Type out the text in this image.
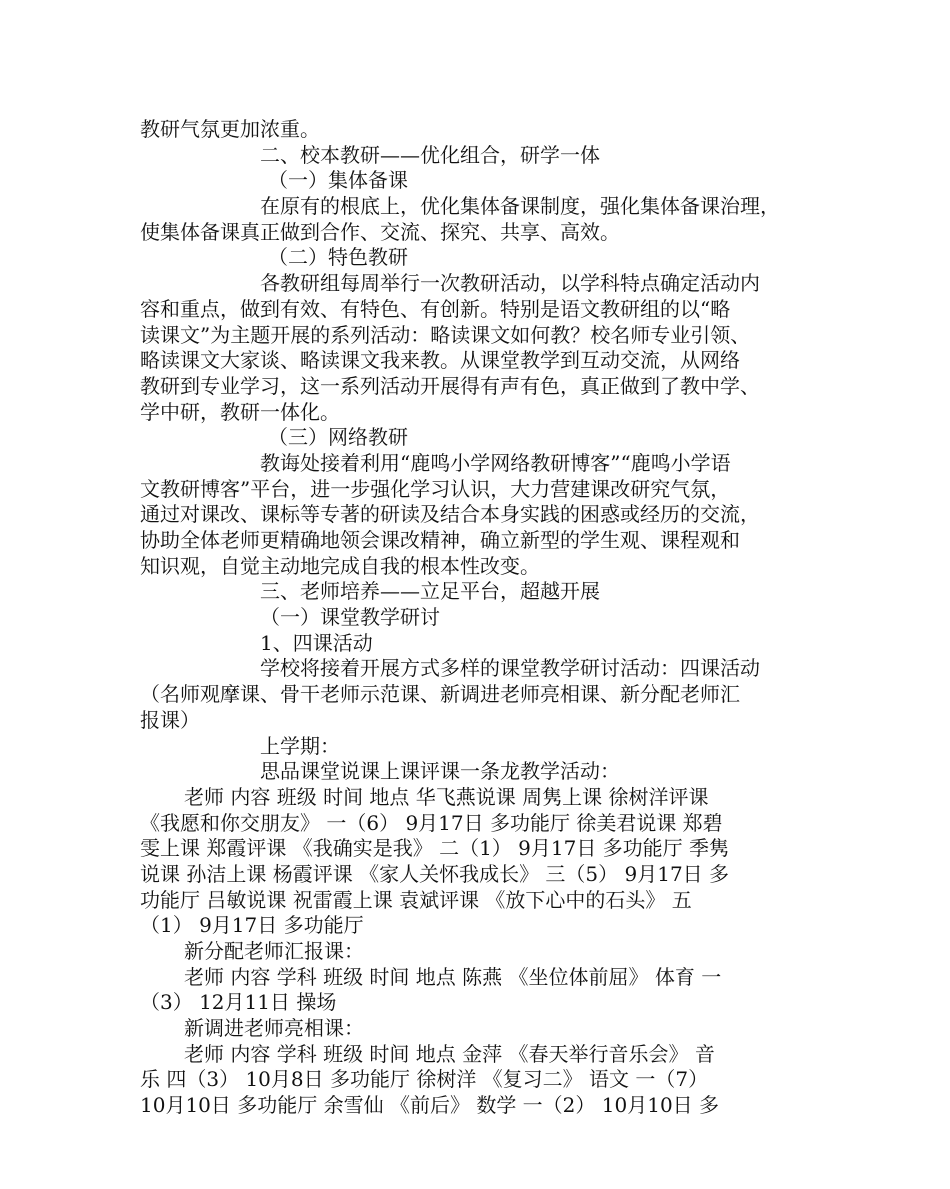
教研气氛更加浓重。
二、校本教研——优化组合，研学一体
（一）集体备课
在原有的根底上，优化集体备课制度，强化集体备课治理，
使集体备课真正做到合作、交流、探究、共享、高效。
（二）特色教研
各教研组每周举行一次教研活动，以学科特点确定活动内
容和重点，做到有效、有特色、有创新。特别是语文教研组的以“略
读课文”为主题开展的系列活动：略读课文如何教？校名师专业引领、
略读课文大家谈、略读课文我来教。从课堂教学到互动交流，从网络
教研到专业学习，这一系列活动开展得有声有色，真正做到了教中学、
学中研，教研一体化。
（三）网络教研
教诲处接着利用“鹿鸣小学网络教研博客”“鹿鸣小学语
文教研博客”平台，进一步强化学习认识，大力营建课改研究气氛，
通过对课改、课标等专著的研读及结合本身实践的困惑或经历的交流，
协助全体老师更精确地领会课改精神，确立新型的学生观、课程观和
知识观，自觉主动地完成自我的根本性改变。
三、老师培养——立足平台，超越开展
（一）课堂教学研讨
1、四课活动
学校将接着开展方式多样的课堂教学研讨活动：四课活动
（名师观摩课、骨干老师示范课、新调进老师亮相课、新分配老师汇
报课）
上学期：
思品课堂说课上课评课一条龙教学活动：
老师 内容 班级 时间 地点 华飞燕说课 周隽上课 徐树洋评课
《我愿和你交朋友》 一（6） 9月17日 多功能厅 徐美君说课 郑碧
雯上课 郑霞评课 《我确实是我》 二（1） 9月17日 多功能厅 季隽
说课 孙洁上课 杨霞评课 《家人关怀我成长》 三（5） 9月17日 多
功能厅 吕敏说课 祝雷霞上课 袁斌评课 《放下心中的石头》 五
（1） 9月17日 多功能厅
新分配老师汇报课：
老师 内容 学科 班级 时间 地点 陈燕 《坐位体前屈》 体育 一
（3） 12月11日 操场
新调进老师亮相课：
老师 内容 学科 班级 时间 地点 金萍 《春天举行音乐会》 音
乐 四（3） 10月8日 多功能厅 徐树洋 《复习二》 语文 一（7）
10月10日 多功能厅 余雪仙 《前后》 数学 一（2） 10月10日 多
